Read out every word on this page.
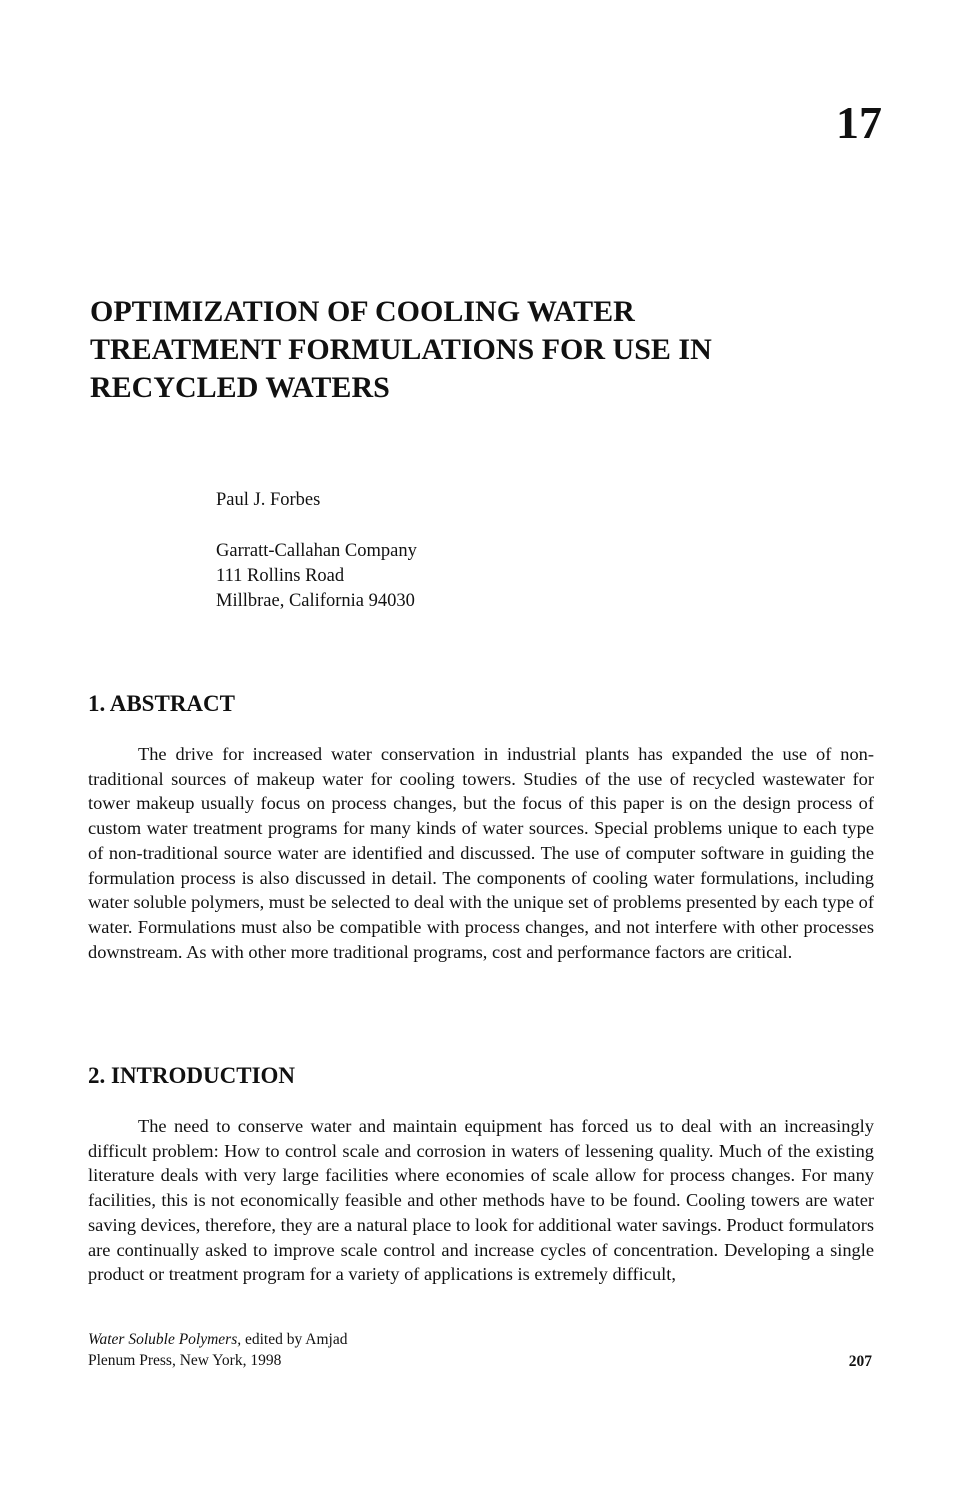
17
OPTIMIZATION OF COOLING WATER
TREATMENT FORMULATIONS FOR USE IN
RECYCLED WATERS
Paul J. Forbes
Garratt-Callahan Company
111 Rollins Road
Millbrae, California 94030
1. ABSTRACT

The drive for increased water conservation in industrial plants has expanded the use of non-traditional sources of makeup water for cooling towers. Studies of the use of recycled wastewater for tower makeup usually focus on process changes, but the focus of this paper is on the design process of custom water treatment programs for many kinds of water sources. Special problems unique to each type of non-traditional source water are identified and discussed. The use of computer software in guiding the formulation process is also discussed in detail. The components of cooling water formulations, including water soluble polymers, must be selected to deal with the unique set of problems presented by each type of water. Formulations must also be compatible with process changes, and not interfere with other processes downstream. As with other more traditional programs, cost and performance factors are critical.

2. INTRODUCTION

The need to conserve water and maintain equipment has forced us to deal with an increasingly difficult problem: How to control scale and corrosion in waters of lessening quality. Much of the existing literature deals with very large facilities where economies of scale allow for process changes. For many facilities, this is not economically feasible and other methods have to be found. Cooling towers are water saving devices, therefore, they are a natural place to look for additional water savings. Product formulators are continually asked to improve scale control and increase cycles of concentration. Developing a single product or treatment program for a variety of applications is extremely difficult,

Water Soluble Polymers, edited by Amjad
Plenum Press, New York, 1998	207
